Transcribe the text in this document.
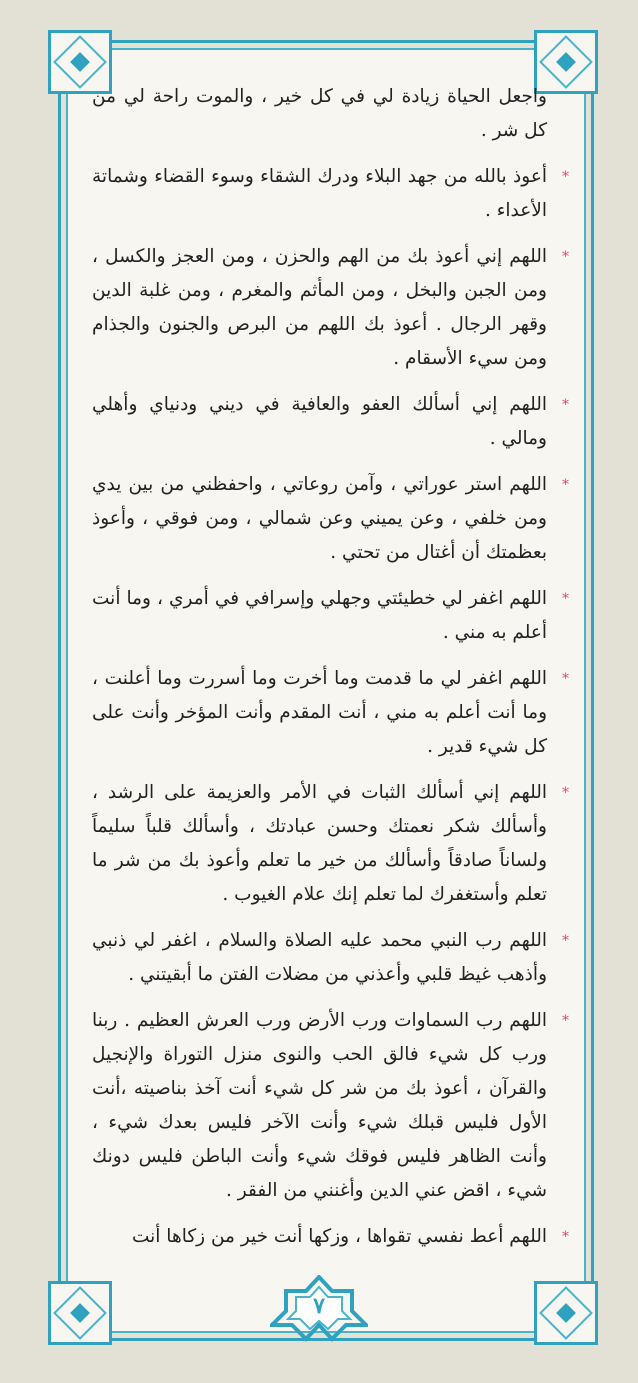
واجعل الحياة زيادة لي في كل خير ، والموت راحة لي من كل شر .
*
أعوذ بالله من جهد البلاء ودرك الشقاء وسوء القضاء وشماتة الأعداء .
*
اللهم إني أعوذ بك من الهم والحزن ، ومن العجز والكسل ، ومن الجبن والبخل ، ومن المأثم والمغرم ، ومن غلبة الدين وقهر الرجال . أعوذ بك اللهم من البرص والجنون والجذام ومن سيء الأسقام .
*
اللهم إني أسألك العفو والعافية في ديني ودنياي وأهلي ومالي .
*
اللهم استر عوراتي ، وآمن روعاتي ، واحفظني من بين يدي ومن خلفي ، وعن يميني وعن شمالي ، ومن فوقي ، وأعوذ بعظمتك أن أغتال من تحتي .
*
اللهم اغفر لي خطيئتي وجهلي وإسرافي في أمري ، وما أنت أعلم به مني .
*
اللهم اغفر لي ما قدمت وما أخرت وما أسررت وما أعلنت ، وما أنت أعلم به مني ، أنت المقدم وأنت المؤخر وأنت على كل شيء قدير .
*
اللهم إني أسألك الثبات في الأمر والعزيمة على الرشد ، وأسألك شكر نعمتك وحسن عبادتك ، وأسألك قلباً سليماً ولساناً صادقاً وأسألك من خير ما تعلم وأعوذ بك من شر ما تعلم وأستغفرك لما تعلم إنك علام الغيوب .
*
اللهم رب النبي محمد عليه الصلاة والسلام ، اغفر لي ذنبي وأذهب غيظ قلبي وأعذني من مضلات الفتن ما أبقيتني .
*
اللهم رب السماوات ورب الأرض ورب العرش العظيم . ربنا ورب كل شيء فالق الحب والنوى منزل التوراة والإنجيل والقرآن ، أعوذ بك من شر كل شيء أنت آخذ بناصيته ،أنت الأول فليس قبلك شيء وأنت الآخر فليس بعدك شيء ، وأنت الظاهر فليس فوقك شيء وأنت الباطن فليس دونك شيء ، اقض عني الدين وأغنني من الفقر .
*
اللهم أعط نفسي تقواها ، وزكها أنت خير من زكاها أنت
٧
